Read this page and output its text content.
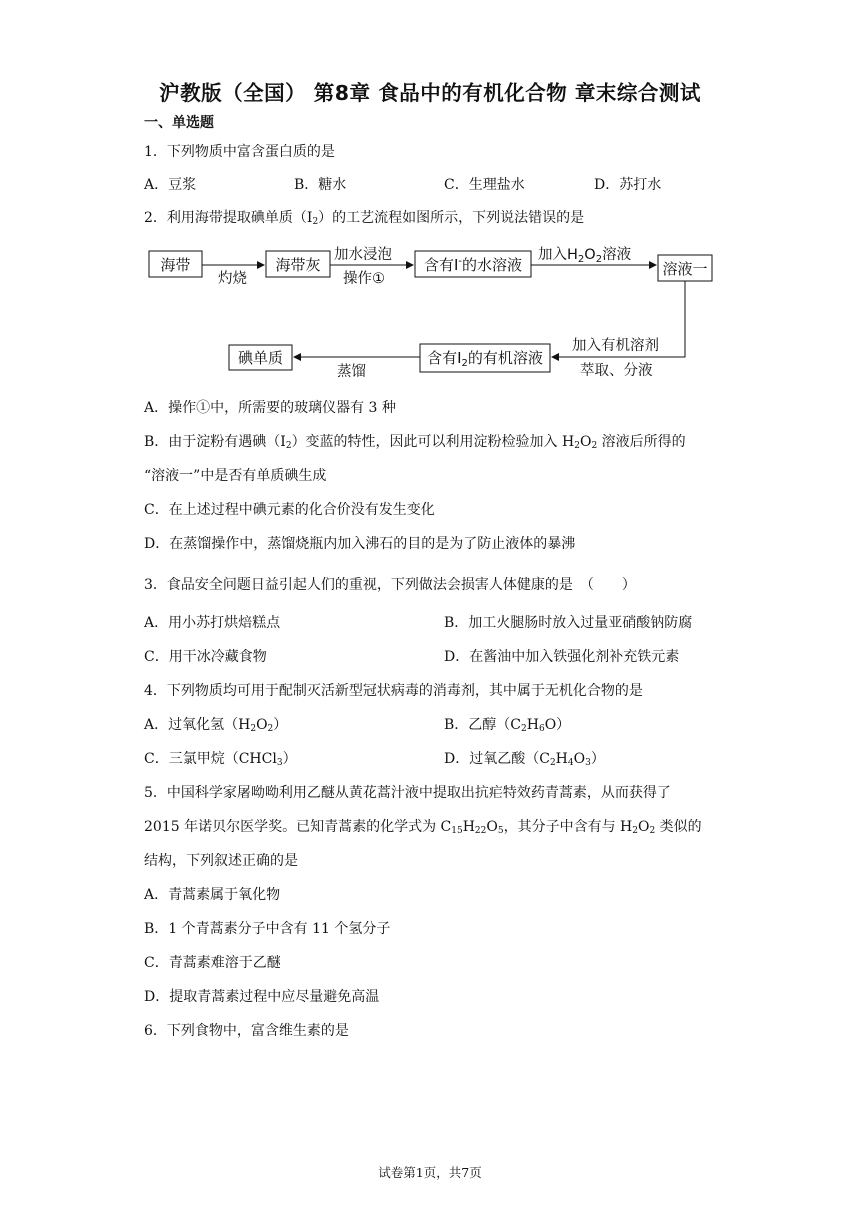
沪教版（全国） 第8章 食品中的有机化合物 章末综合测试
一、单选题
1．下列物质中富含蛋白质的是
A．豆浆	B．糖水	C．生理盐水	D．苏打水
2．利用海带提取碘单质$(I_2)$的工艺流程如图所示，下列说法错误的是
海带
灼烧
海带灰
加水浸泡
操作①
含有I-的水溶液
加入$H_2O_2$溶液
溶液一
加入有机溶剂
萃取、分液
含有$I_2$的有机溶液
蒸馏
碘单质
A．操作①中，所需要的玻璃仪器有 3 种
B．由于淀粉有遇碘$(I_2)$变蓝的特性，因此可以利用淀粉检验加入 $H_2O_2$ 溶液后所得的
“溶液一”中是否有单质碘生成
C．在上述过程中碘元素的化合价没有发生变化
D．在蒸馏操作中，蒸馏烧瓶内加入沸石的目的是为了防止液体的暴沸
3．食品安全问题日益引起人们的重视，下列做法会损害人体健康的是　（　　）
A．用小苏打烘焙糕点	B．加工火腿肠时放入过量亚硝酸钠防腐
C．用干冰冷藏食物	D．在酱油中加入铁强化剂补充铁元素
4．下列物质均可用于配制灭活新型冠状病毒的消毒剂，其中属于无机化合物的是
A．过氧化氢$(H_2O_2)$	B．乙醇$(C_2H_6O)$
C．三氯甲烷（CHCl$_3$）	D．过氧乙酸$(C_2H_4O_3)$
5．中国科学家屠呦呦利用乙醚从黄花蒿汁液中提取出抗疟特效药青蒿素，从而获得了
2015 年诺贝尔医学奖。已知青蒿素的化学式为 $C_{15}H_{22}O_5$，其分子中含有与 $H_2O_2$ 类似的
结构，下列叙述正确的是
A．青蒿素属于氧化物
B．1 个青蒿素分子中含有 11 个氢分子
C．青蒿素难溶于乙醚
D．提取青蒿素过程中应尽量避免高温
6．下列食物中，富含维生素的是
试卷第1页，共7页
